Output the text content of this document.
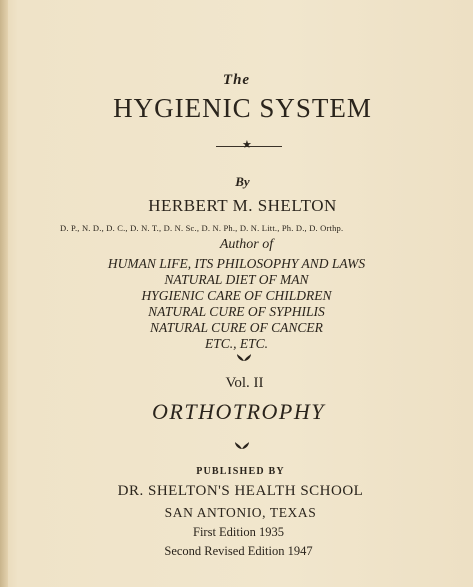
The
HYGIENIC SYSTEM
★
By
HERBERT M. SHELTON
D. P., N. D., D. C., D. N. T., D. N. Sc., D. N. Ph., D. N. Litt., Ph. D., D. Orthp.
Author of
HUMAN LIFE, ITS PHILOSOPHY AND LAWS
NATURAL DIET OF MAN
HYGIENIC CARE OF CHILDREN
NATURAL CURE OF SYPHILIS
NATURAL CURE OF CANCER
ETC., ETC.
Vol. II
ORTHOTROPHY
PUBLISHED BY
DR. SHELTON'S HEALTH SCHOOL
SAN ANTONIO, TEXAS
First Edition 1935
Second Revised Edition 1947
